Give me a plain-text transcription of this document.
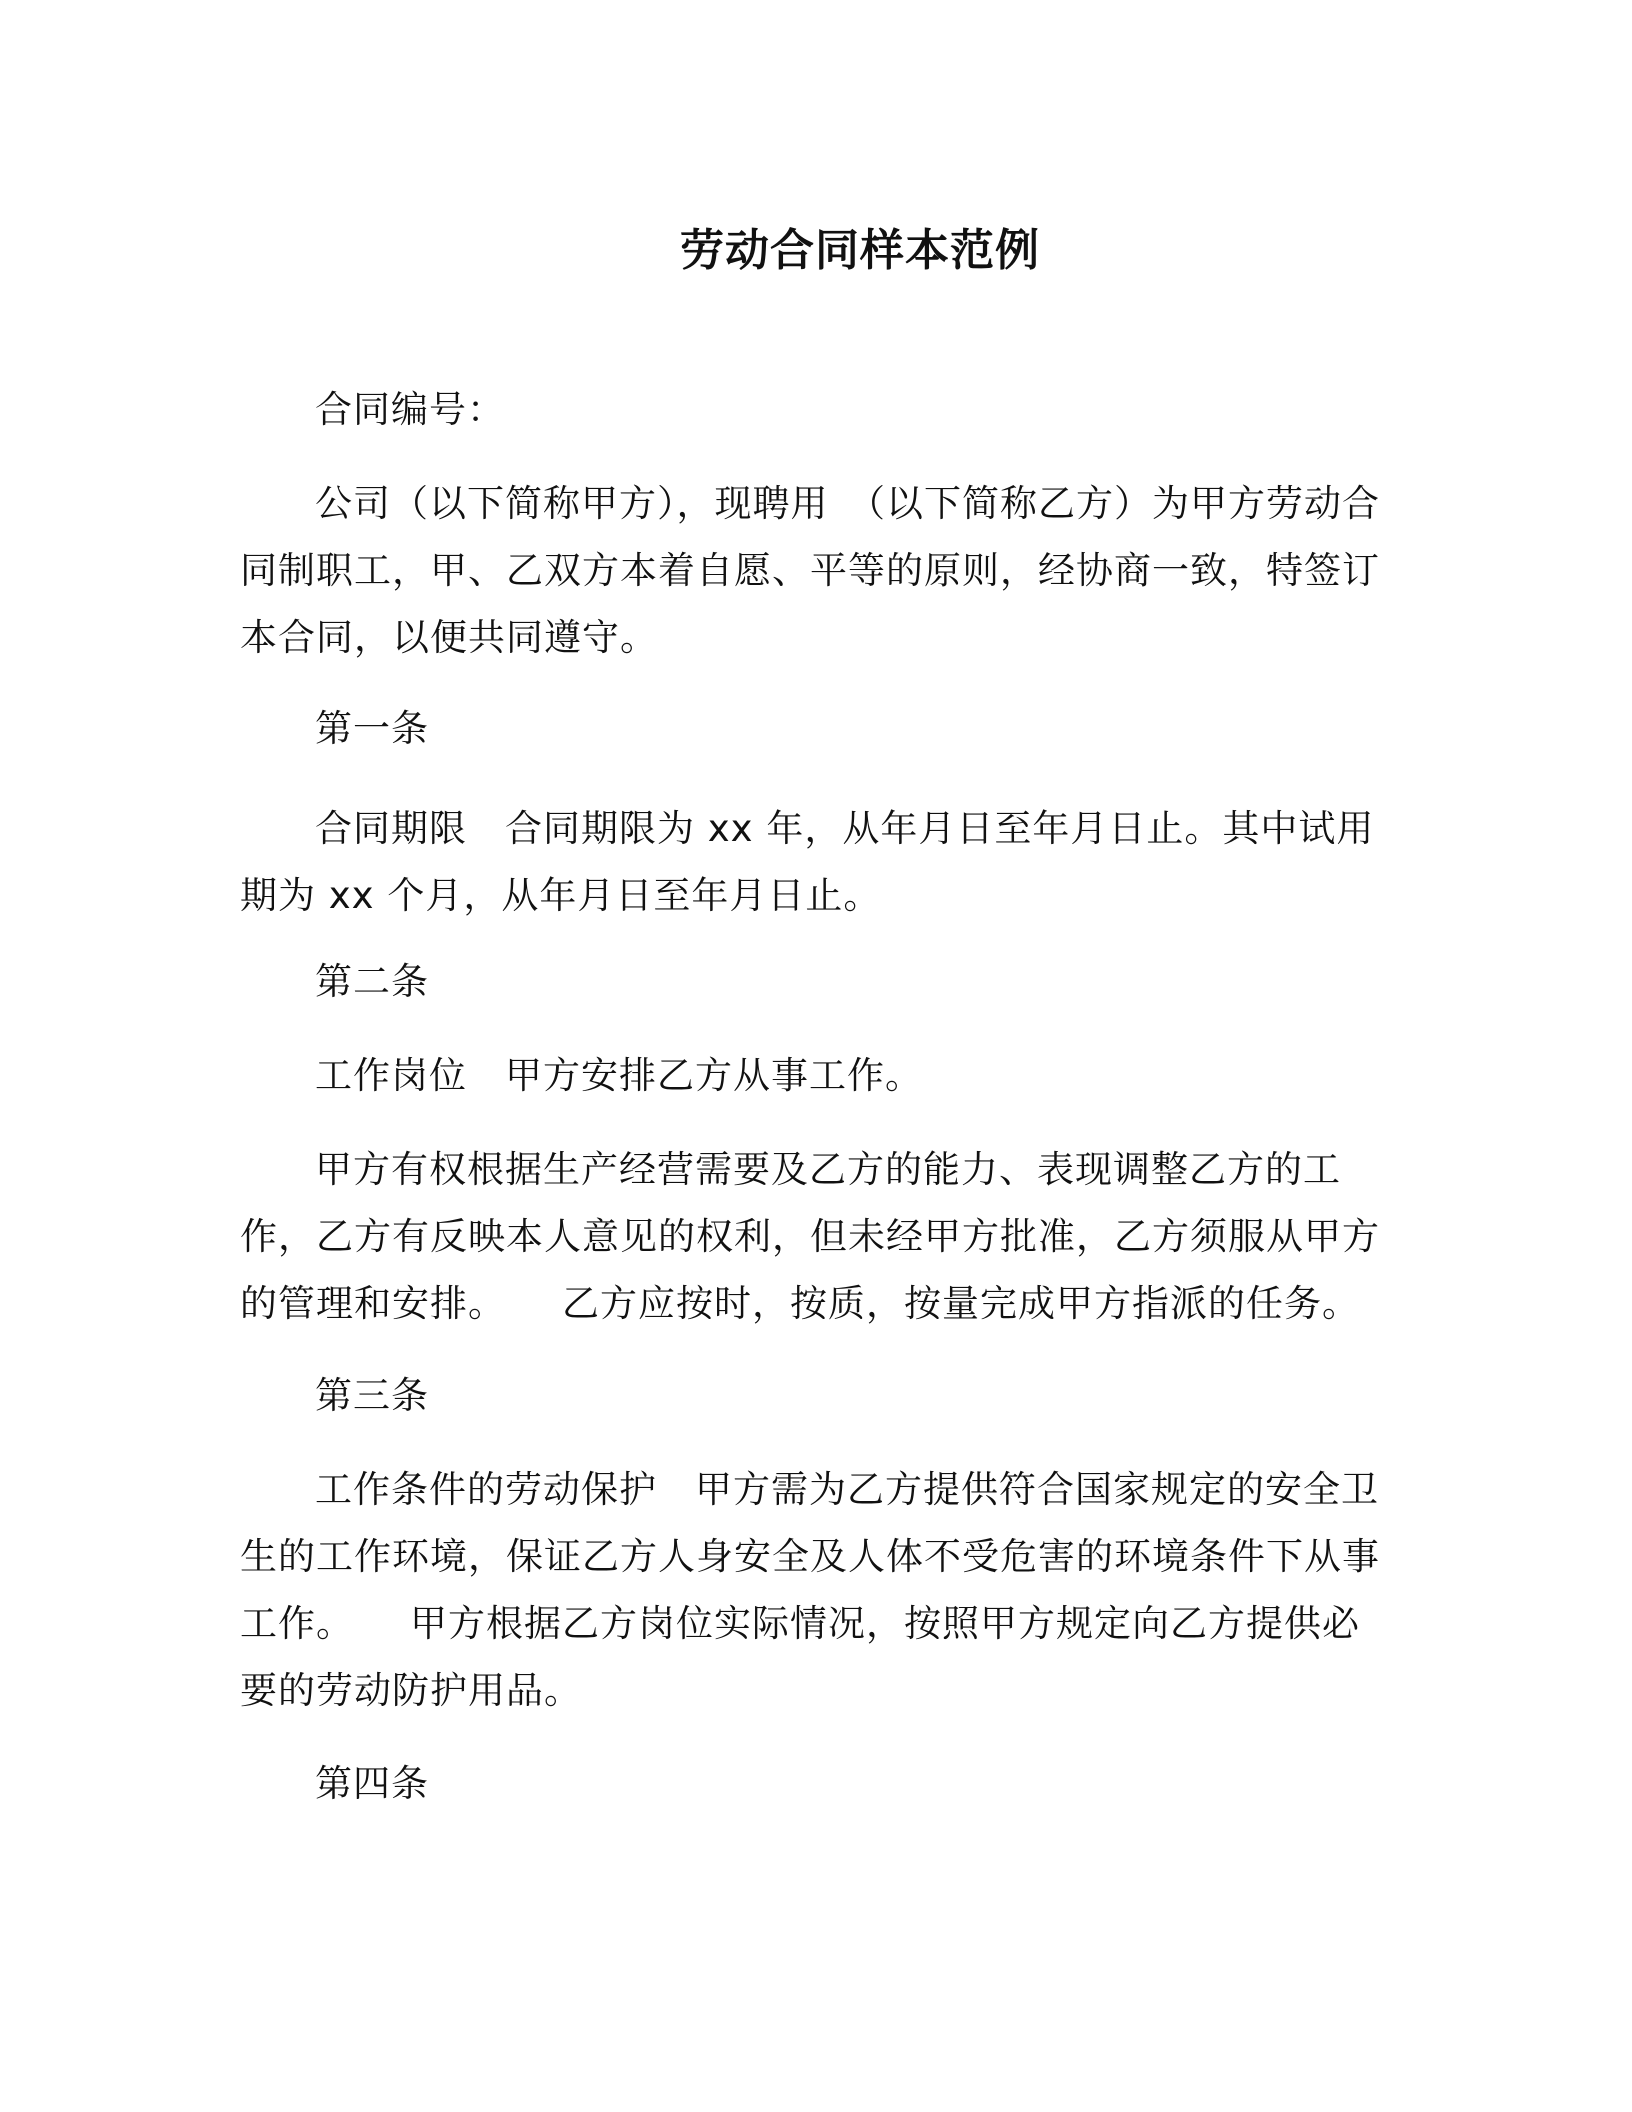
劳动合同样本范例

合同编号：

公司（以下简称甲方），现聘用　（以下简称乙方）为甲方劳动合同制职工，甲、乙双方本着自愿、平等的原则，经协商一致，特签订本合同，以便共同遵守。

第一条

合同期限 合同期限为 xx 年，从年月日至年月日止。其中试用期为 xx 个月，从年月日至年月日止。

第二条

工作岗位 甲方安排乙方从事工作。

甲方有权根据生产经营需要及乙方的能力、表现调整乙方的工作，乙方有反映本人意见的权利，但未经甲方批准，乙方须服从甲方的管理和安排。 乙方应按时，按质，按量完成甲方指派的任务。

第三条

工作条件的劳动保护 甲方需为乙方提供符合国家规定的安全卫生的工作环境，保证乙方人身安全及人体不受危害的环境条件下从事工作。 甲方根据乙方岗位实际情况，按照甲方规定向乙方提供必要的劳动防护用品。

第四条
